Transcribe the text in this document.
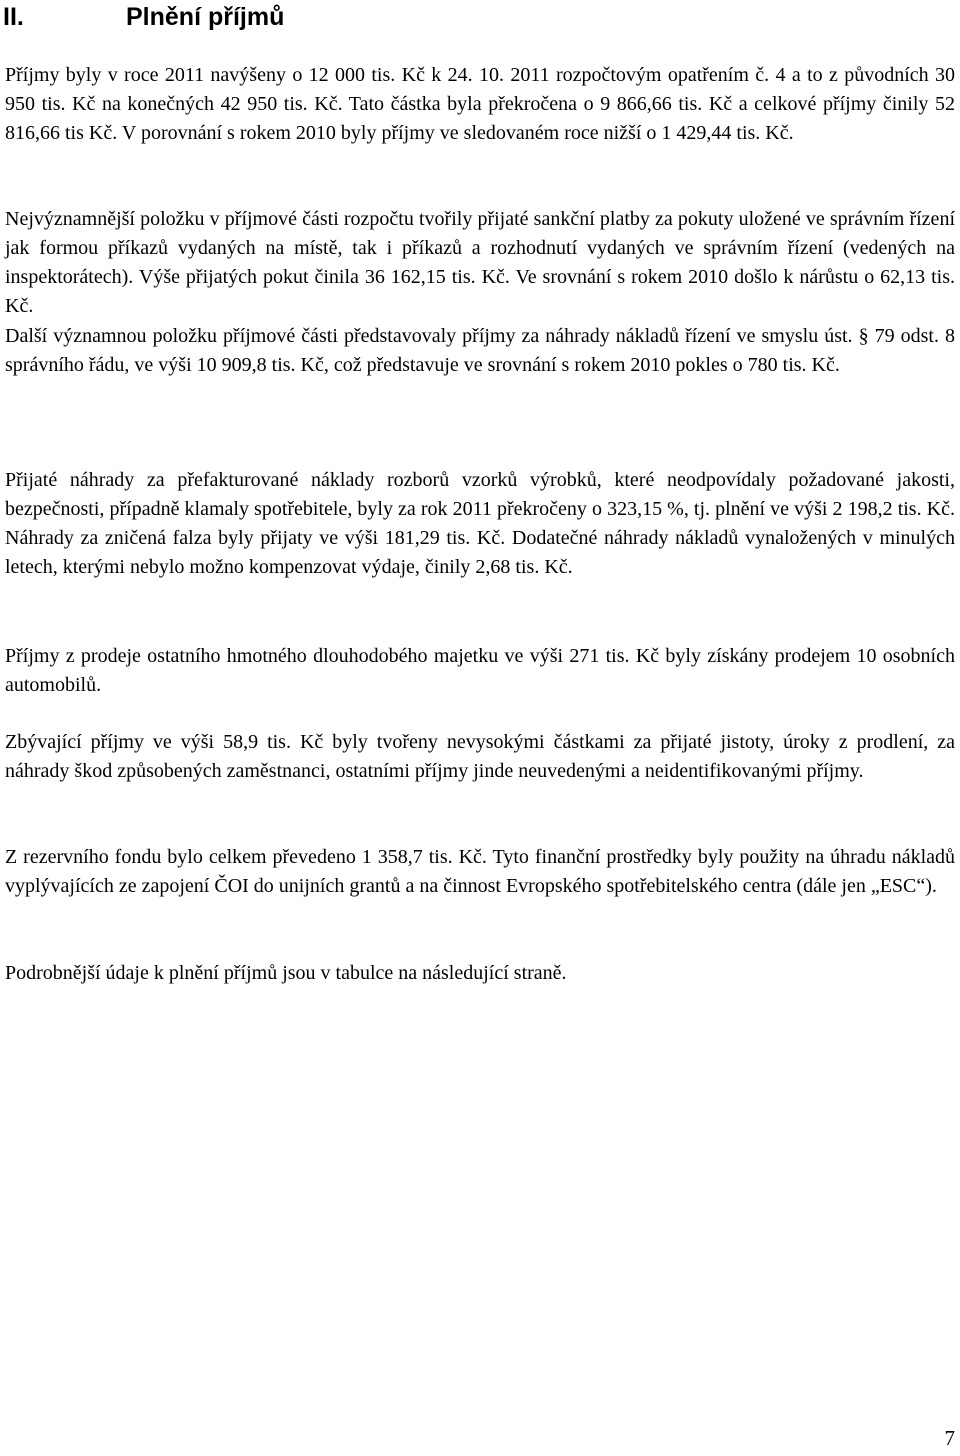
II.	Plnění příjmů

Příjmy byly v roce 2011 navýšeny o 12 000 tis. Kč k 24. 10. 2011 rozpočtovým opatřením č. 4 a to z původních 30 950 tis. Kč na konečných 42 950 tis. Kč. Tato částka byla překročena o 9 866,66 tis. Kč a celkové příjmy činily 52 816,66 tis Kč. V porovnání s rokem 2010 byly příjmy ve sledovaném roce nižší o 1 429,44 tis. Kč.

Nejvýznamnější položku v příjmové části rozpočtu tvořily přijaté sankční platby za pokuty uložené ve správním řízení jak formou příkazů vydaných na místě, tak i příkazů a rozhodnutí vydaných ve správním řízení (vedených na inspektorátech). Výše přijatých pokut činila 36 162,15 tis. Kč. Ve srovnání s rokem 2010 došlo k nárůstu o 62,13 tis. Kč.

Další významnou položku příjmové části představovaly příjmy za náhrady nákladů řízení ve smyslu úst. § 79 odst. 8 správního řádu, ve výši 10 909,8 tis. Kč, což představuje ve srovnání s rokem 2010 pokles o 780 tis. Kč.

Přijaté náhrady za přefakturované náklady rozborů vzorků výrobků, které neodpovídaly požadované jakosti, bezpečnosti, případně klamaly spotřebitele, byly za rok 2011 překročeny o 323,15 %, tj. plnění ve výši 2 198,2 tis. Kč. Náhrady za zničená falza byly přijaty ve výši 181,29 tis. Kč. Dodatečné náhrady nákladů vynaložených v minulých letech, kterými nebylo možno kompenzovat výdaje, činily 2,68 tis. Kč.

Příjmy z prodeje ostatního hmotného dlouhodobého majetku ve výši 271 tis. Kč byly získány prodejem 10 osobních automobilů.

Zbývající příjmy ve výši 58,9 tis. Kč byly tvořeny nevysokými částkami za přijaté jistoty, úroky z prodlení, za náhrady škod způsobených zaměstnanci, ostatními příjmy jinde neuvedenými a neidentifikovanými příjmy.

Z rezervního fondu bylo celkem převedeno 1 358,7 tis. Kč. Tyto finanční prostředky byly použity na úhradu nákladů vyplývajících ze zapojení ČOI do unijních grantů a na činnost Evropského spotřebitelského centra (dále jen „ESC“).

Podrobnější údaje k plnění příjmů jsou v tabulce na následující straně.

7
